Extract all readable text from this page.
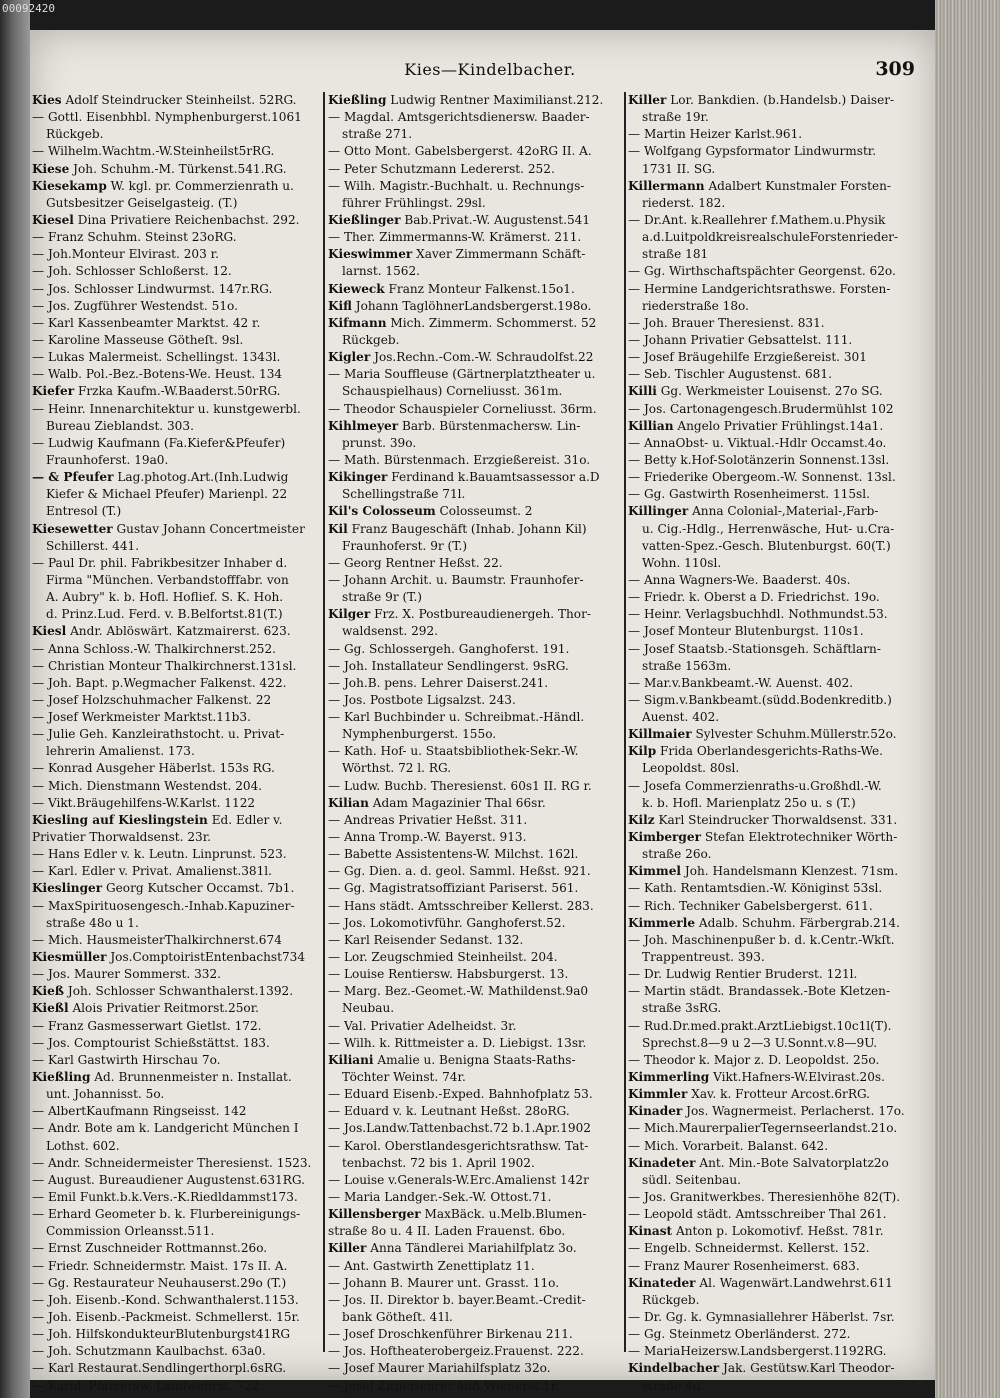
00092420
Kies—Kindelbacher.	309
Kies Adolf Steindrucker Steinheilst. 52RG.
— Gottl. Eisenbhbl. Nymphenburgerst.1061
Rückgeb.
— Wilhelm.Wachtm.-W.Steinheilst5rRG.
Kiese Joh. Schuhm.-M. Türkenst.541.RG.
Kiesekamp W. kgl. pr. Commerzienrath u.
Gutsbesitzer Geiselgasteig. (T.)
Kiesel Dina Privatiere Reichenbachst. 292.
— Franz Schuhm. Steinst 23oRG.
— Joh.Monteur Elvirast. 203 r.
— Joh. Schlosser Schloßerst. 12.
— Jos. Schlosser Lindwurmst. 147r.RG.
— Jos. Zugführer Westendst. 51o.
— Karl Kassenbeamter Marktst. 42 r.
— Karoline Masseuse Götheſt. 9sl.
— Lukas Malermeist. Schellingst. 1343l.
— Walb. Pol.-Bez.-Botens-We. Heust. 134
Kiefer Frzka Kaufm.-W.Baaderst.50rRG.
— Heinr. Innenarchitektur u. kunstgewerbl.
Bureau Zieblandst. 303.
— Ludwig Kaufmann (Fa.Kiefer&Pfeufer)
Fraunhoferst. 19a0.
— & Pfeufer Lag.photog.Art.(Inh.Ludwig
Kiefer & Michael Pfeufer) Marienpl. 22
Entresol (T.)
Kiesewetter Gustav Johann Concertmeister
Schillerst. 441.
— Paul Dr. phil. Fabrikbesitzer Inhaber d.
Firma "München. Verbandstofffabr. von
A. Aubry" k. b. Hofl. Hoflief. S. K. Hoh.
d. Prinz.Lud. Ferd. v. B.Belfortst.81(T.)
Kiesl Andr. Ablöswärt. Katzmairerst. 623.
— Anna Schloss.-W. Thalkirchnerst.252.
— Christian Monteur Thalkirchnerst.131sl.
— Joh. Bapt. p.Wegmacher Falkenst. 422.
— Josef Holzschuhmacher Falkenst. 22
— Josef Werkmeister Marktst.11b3.
— Julie Geh. Kanzleirathstocht. u. Privat-
lehrerin Amalienst. 173.
— Konrad Ausgeher Häberlst. 153s RG.
— Mich. Dienstmann Westendst. 204.
— Vikt.Bräugehilfens-W.Karlst. 1122
Kiesling auf Kieslingstein Ed. Edler v.
Privatier Thorwaldsenst. 23r.
— Hans Edler v. k. Leutn. Linprunst. 523.
— Karl. Edler v. Privat. Amalienst.381l.
Kieslinger Georg Kutscher Occamst. 7b1.
— MaxSpirituosengesch.-Inhab.Kapuziner-
straße 48o u 1.
— Mich. HausmeisterThalkirchnerst.674
Kiesmüller Jos.ComptoiristEntenbachst734
— Jos. Maurer Sommerst. 332.
Kieß Joh. Schlosser Schwanthalerst.1392.
Kießl Alois Privatier Reitmorst.25or.
— Franz Gasmesserwart Gietlst. 172.
— Jos. Comptourist Schießstättst. 183.
— Karl Gastwirth Hirschau 7o.
Kießling Ad. Brunnenmeister n. Installat.
unt. Johannisst. 5o.
— AlbertKaufmann Ringseisst. 142
— Andr. Bote am k. Landgericht München I
Lothst. 602.
— Andr. Schneidermeister Theresienst. 1523.
— August. Bureaudiener Augustenst.631RG.
— Emil Funkt.b.k.Vers.-K.Riedldammst173.
— Erhard Geometer b. k. Flurbereinigungs-
Commission Orleansst.511.
— Ernst Zuschneider Rottmannst.26o.
— Friedr. Schneidermstr. Maist. 17s II. A.
— Gg. Restaurateur Neuhauserst.29o (T.)
— Joh. Eisenb.-Kond. Schwanthalerst.1153.
— Joh. Eisenb.-Packmeist. Schmellerst. 15r.
— Joh. HilfskondukteurBlutenburgst41RG
— Joh. Schutzmann Kaulbachst. 63a0.
— Karl Restaurat.Sendlingerthorpl.6sRG.
— Karol. Pfarrersw. Landwehrst. 722.
Kießling Ludwig Rentner Maximilianst.212.
— Magdal. Amtsgerichtsdienersw. Baader-
straße 271.
— Otto Mont. Gabelsbergerst. 42oRG II. A.
— Peter Schutzmann Ledererst. 252.
— Wilh. Magistr.-Buchhalt. u. Rechnungs-
führer Frühlingst. 29sl.
Kießlinger Bab.Privat.-W. Augustenst.541
— Ther. Zimmermanns-W. Krämerst. 211.
Kieswimmer Xaver Zimmermann Schäft-
larnst. 1562.
Kieweck Franz Monteur Falkenst.15o1.
Kifl Johann TaglöhnerLandsbergerst.198o.
Kifmann Mich. Zimmerm. Schommerst. 52
Rückgeb.
Kigler Jos.Rechn.-Com.-W. Schraudolfst.22
— Maria Souffleuse (Gärtnerplatztheater u.
Schauspielhaus) Corneliusst. 361m.
— Theodor Schauspieler Corneliusst. 36rm.
Kihlmeyer Barb. Bürstenmachersw. Lin-
prunst. 39o.
— Math. Bürstenmach. Erzgießereist. 31o.
Kikinger Ferdinand k.Bauamtsassessor a.D
Schellingstraße 71l.
Kil's Colosseum Colosseumst. 2
Kil Franz Baugeschäft (Inhab. Johann Kil)
Fraunhoferst. 9r (T.)
— Georg Rentner Heßst. 22.
— Johann Archit. u. Baumstr. Fraunhofer-
straße 9r (T.)
Kilger Frz. X. Postbureaudienergeh. Thor-
waldsenst. 292.
— Gg. Schlossergeh. Ganghoferst. 191.
— Joh. Installateur Sendlingerst. 9sRG.
— Joh.B. pens. Lehrer Daiserst.241.
— Jos. Postbote Ligsalzst. 243.
— Karl Buchbinder u. Schreibmat.-Händl.
Nymphenburgerst. 155o.
— Kath. Hof- u. Staatsbibliothek-Sekr.-W.
Wörthst. 72 l. RG.
— Ludw. Buchb. Theresienst. 60s1 II. RG r.
Kilian Adam Magazinier Thal 66sr.
— Andreas Privatier Heßst. 311.
— Anna Tromp.-W. Bayerst. 913.
— Babette Assistentens-W. Milchst. 162l.
— Gg. Dien. a. d. geol. Samml. Heßst. 921.
— Gg. Magistratsoffiziant Pariserst. 561.
— Hans städt. Amtsschreiber Kellerst. 283.
— Jos. Lokomotivführ. Ganghoferst.52.
— Karl Reisender Sedanst. 132.
— Lor. Zeugschmied Steinheilst. 204.
— Louise Rentiersw. Habsburgerst. 13.
— Marg. Bez.-Geomet.-W. Mathildenst.9a0
Neubau.
— Val. Privatier Adelheidst. 3r.
— Wilh. k. Rittmeister a. D. Liebigst. 13sr.
Kiliani Amalie u. Benigna Staats-Raths-
Töchter Weinst. 74r.
— Eduard Eisenb.-Exped. Bahnhofplatz 53.
— Eduard v. k. Leutnant Heßst. 28oRG.
— Jos.Landw.Tattenbachst.72 b.1.Apr.1902
— Karol. Oberstlandesgerichtsrathsw. Tat-
tenbachst. 72 bis 1. April 1902.
— Louise v.Generals-W.Erc.Amalienst 142r
— Maria Landger.-Sek.-W. Ottost.71.
Killensberger MaxBäck. u.Melb.Blumen-
straße 8o u. 4 II. Laden Frauenst. 6bo.
Killer Anna Tändlerei Mariahilfplatz 3o.
— Ant. Gastwirth Zenettiplatz 11.
— Johann B. Maurer unt. Grasst. 11o.
— Jos. II. Direktor b. bayer.Beamt.-Credit-
bank Götheſt. 41l.
— Josef Droschkenführer Birkenau 211.
— Jos. Hoftheaterobergeiz.Frauenst. 222.
— Josef Maurer Mariahilfsplatz 32o.
— Josef Zitherlehrer äuß.Wienerst.1r.
Killer Lor. Bankdien. (b.Handelsb.) Daiser-
straße 19r.
— Martin Heizer Karlst.961.
— Wolfgang Gypsformator Lindwurmstr.
1731 II. SG.
Killermann Adalbert Kunstmaler Forsten-
riederst. 182.
— Dr.Ant. k.Reallehrer f.Mathem.u.Physik
a.d.LuitpoldkreisrealschuleForstenrieder-
straße 181
— Gg. Wirthschaftspächter Georgenst. 62o.
— Hermine Landgerichtsrathswe. Forsten-
riederstraße 18o.
— Joh. Brauer Theresienst. 831.
— Johann Privatier Gebsattelst. 111.
— Josef Bräugehilfe Erzgießereist. 301
— Seb. Tischler Augustenst. 681.
Killi Gg. Werkmeister Louisenst. 27o SG.
— Jos. Cartonagengesch.Brudermühlst 102
Killian Angelo Privatier Frühlingst.14a1.
— AnnaObst- u. Viktual.-Hdlr Occamst.4o.
— Betty k.Hof-Solotänzerin Sonnenst.13sl.
— Friederike Obergeom.-W. Sonnenst. 13sl.
— Gg. Gastwirth Rosenheimerst. 115sl.
Killinger Anna Colonial-,Material-,Farb-
u. Cig.-Hdlg., Herrenwäsche, Hut- u.Cra-
vatten-Spez.-Gesch. Blutenburgst. 60(T.)
Wohn. 110sl.
— Anna Wagners-We. Baaderst. 40s.
— Friedr. k. Oberst a D. Friedrichst. 19o.
— Heinr. Verlagsbuchhdl. Nothmundst.53.
— Josef Monteur Blutenburgst. 110s1.
— Josef Staatsb.-Stationsgeh. Schäftlarn-
straße 1563m.
— Mar.v.Bankbeamt.-W. Auenst. 402.
— Sigm.v.Bankbeamt.(südd.Bodenkreditb.)
Auenst. 402.
Killmaier Sylvester Schuhm.Müllerstr.52o.
Kilp Frida Oberlandesgerichts-Raths-We.
Leopoldst. 80sl.
— Josefa Commerzienraths-u.Großhdl.-W.
k. b. Hofl. Marienplatz 25o u. s (T.)
Kilz Karl Steindrucker Thorwaldsenst. 331.
Kimberger Stefan Elektrotechniker Wörth-
straße 26o.
Kimmel Joh. Handelsmann Klenzest. 71sm.
— Kath. Rentamtsdien.-W. Königinst 53sl.
— Rich. Techniker Gabelsbergerst. 611.
Kimmerle Adalb. Schuhm. Färbergrab.214.
— Joh. Maschinenpußer b. d. k.Centr.-Wkſt.
Trappentreust. 393.
— Dr. Ludwig Rentier Bruderst. 121l.
— Martin städt. Brandassek.-Bote Kletzen-
straße 3sRG.
— Rud.Dr.med.prakt.ArztLiebigst.10c1l(T).
Sprechst.8—9 u 2—3 U.Sonnt.v.8—9U.
— Theodor k. Major z. D. Leopoldst. 25o.
Kimmerling Vikt.Hafners-W.Elvirast.20s.
Kimmler Xav. k. Frotteur Arcost.6rRG.
Kinader Jos. Wagnermeist. Perlacherst. 17o.
— Mich.MaurerpalierTegernseerlandst.21o.
— Mich. Vorarbeit. Balanst. 642.
Kinadeter Ant. Min.-Bote Salvatorplatz2o
südl. Seitenbau.
— Jos. Granitwerkbes. Theresienhöhe 82(T).
— Leopold städt. Amtsschreiber Thal 261.
Kinast Anton p. Lokomotivf. Heßst. 781r.
— Engelb. Schneidermst. Kellerst. 152.
— Franz Maurer Rosenheimerst. 683.
Kinateder Al. Wagenwärt.Landwehrst.611
Rückgeb.
— Dr. Gg. k. Gymnasiallehrer Häberlst. 7sr.
— Gg. Steinmetz Oberländerst. 272.
— MariaHeizersw.Landsbergerst.1192RG.
Kindelbacher Jak. Gestütsw.Karl Theodor-
straße 4o.
